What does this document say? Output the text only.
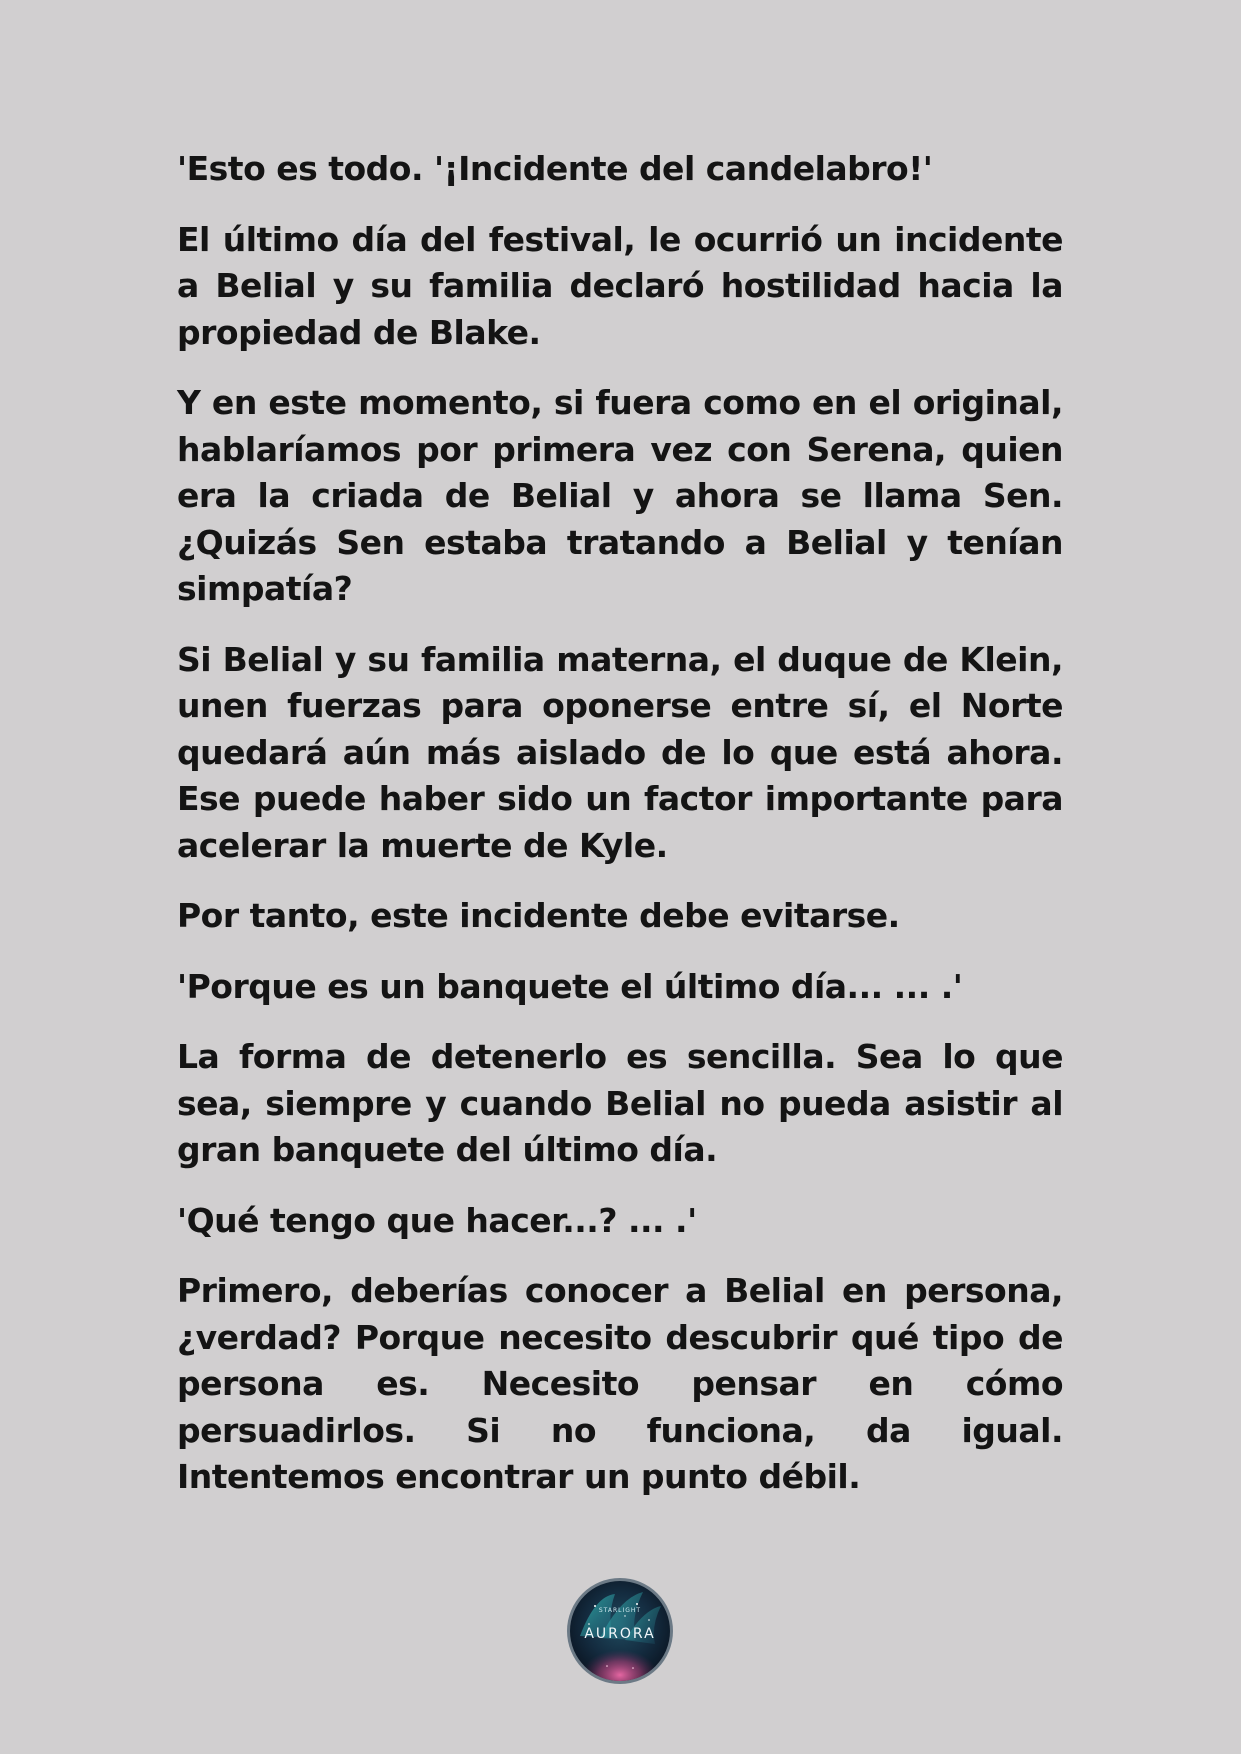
'Esto es todo. '¡Incidente del candelabro!'

El último día del festival, le ocurrió un incidente a Belial y su familia declaró hostilidad hacia la propiedad de Blake.

Y en este momento, si fuera como en el original, hablaríamos por primera vez con Serena, quien era la criada de Belial y ahora se llama Sen. ¿Quizás Sen estaba tratando a Belial y tenían simpatía?

Si Belial y su familia materna, el duque de Klein, unen fuerzas para oponerse entre sí, el Norte quedará aún más aislado de lo que está ahora. Ese puede haber sido un factor importante para acelerar la muerte de Kyle.

Por tanto, este incidente debe evitarse.

'Porque es un banquete el último día... ... .'

La forma de detenerlo es sencilla. Sea lo que sea, siempre y cuando Belial no pueda asistir al gran banquete del último día.

'Qué tengo que hacer...? ... .'

Primero, deberías conocer a Belial en persona, ¿verdad? Porque necesito descubrir qué tipo de persona es. Necesito pensar en cómo persuadirlos. Si no funciona, da igual. Intentemos encontrar un punto débil.

STARLIGHT
AURORA
